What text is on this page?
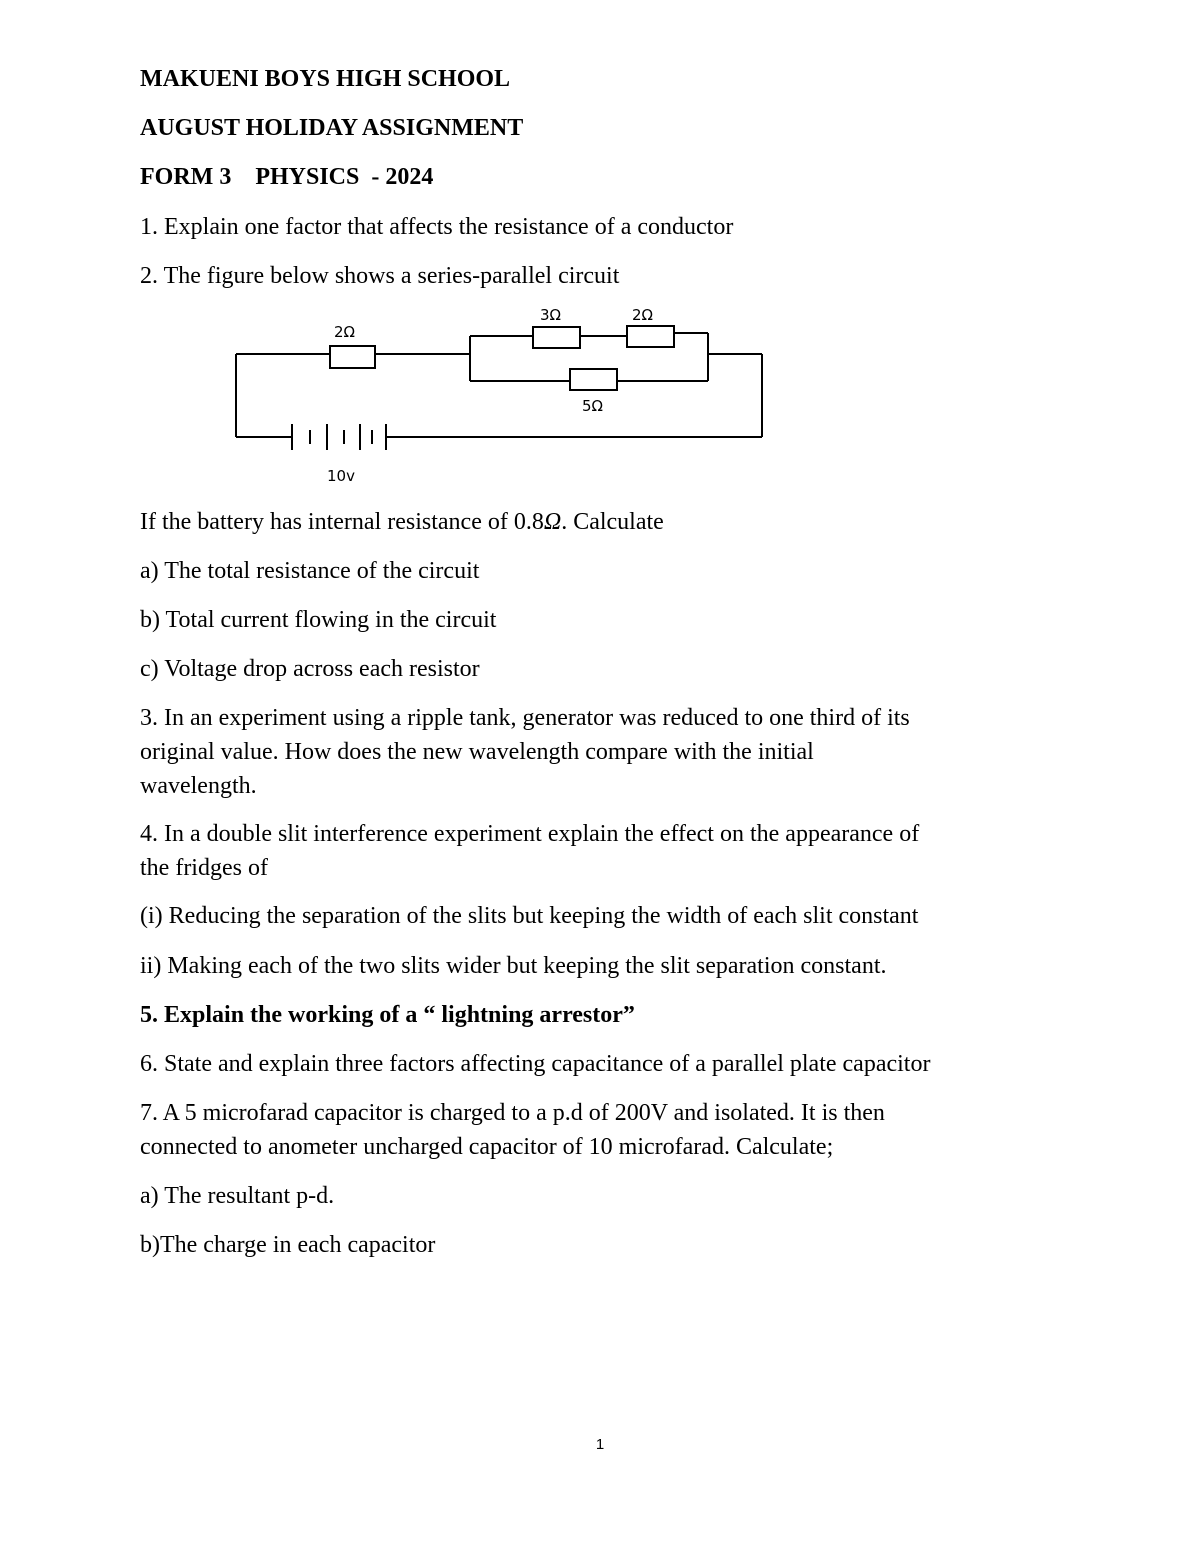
MAKUENI BOYS HIGH SCHOOL
AUGUST HOLIDAY ASSIGNMENT
FORM 3    PHYSICS  - 2024
1. Explain one factor that affects the resistance of a conductor
2. The figure below shows a series-parallel circuit
2Ω
3Ω	2Ω
5Ω
10v
If the battery has internal resistance of 0.8Ω. Calculate
a) The total resistance of the circuit
b) Total current flowing in the circuit
c) Voltage drop across each resistor
3. In an experiment using a ripple tank, generator was reduced to one third of its
original value. How does the new wavelength compare with the initial
wavelength.
4. In a double slit interference experiment explain the effect on the appearance of
the fridges of
(i) Reducing the separation of the slits but keeping the width of each slit constant
ii) Making each of the two slits wider but keeping the slit separation constant.
5. Explain the working of a “ lightning arrestor”
6. State and explain three factors affecting capacitance of a parallel plate capacitor
7. A 5 microfarad capacitor is charged to a p.d of 200V and isolated. It is then
connected to anometer uncharged capacitor of 10 microfarad. Calculate;
a) The resultant p-d.
b)The charge in each capacitor
1
